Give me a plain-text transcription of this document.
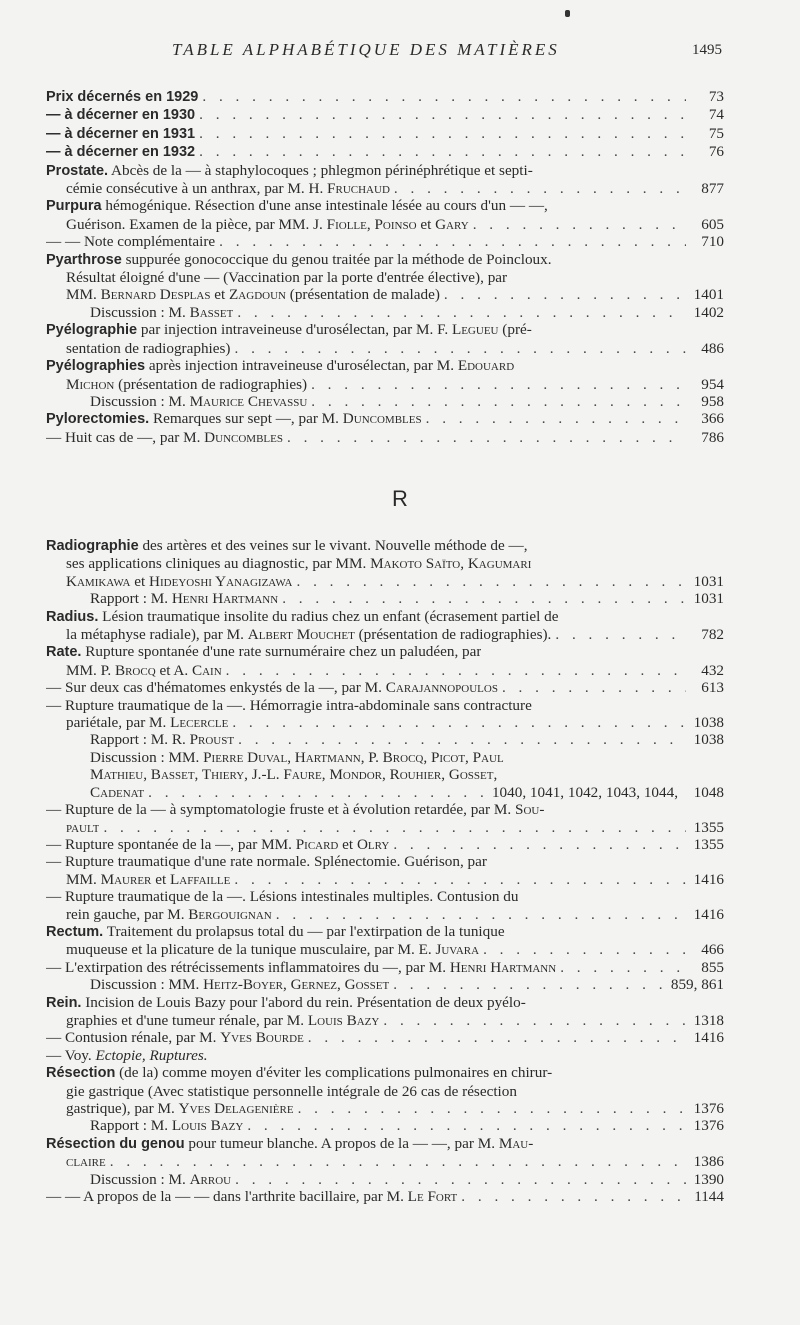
TABLE ALPHABÉTIQUE DES MATIÈRES	1495
Prix décernés en 1929 . . .	73
— à décerner en 1930 . . .	74
— à décerner en 1931 . . .	75
— à décerner en 1932 . . .	76
Prostate. Abcès de la — à staphylocoques ; phlegmon périnéphrétique et septi-
cémie consécutive à un anthrax, par M. H. Fruchaud . . .	877
Purpura hémogénique. Résection d'une anse intestinale lésée au cours d'un — —,
Guérison. Examen de la pièce, par MM. J. Fiolle, Poinso et Gary . . .	605
— — Note complémentaire . . .	710
Pyarthrose suppurée gonococcique du genou traitée par la méthode de Poincloux.
Résultat éloigné d'une — (Vaccination par la porte d'entrée élective), par
MM. Bernard Desplas et Zagdoun (présentation de malade) . . .	1401
Discussion : M. Basset . . .	1402
Pyélographie par injection intraveineuse d'urosélectan, par M. F. Legueu (pré-
sentation de radiographies) . . .	486
Pyélographies après injection intraveineuse d'urosélectan, par M. Edouard
Michon (présentation de radiographies) . . .	954
Discussion : M. Maurice Chevassu . . .	958
Pylorectomies. Remarques sur sept —, par M. Duncombles . . .	366
— Huit cas de —, par M. Duncombles . . .	786
R
Radiographie des artères et des veines sur le vivant. Nouvelle méthode de —,
ses applications cliniques au diagnostic, par MM. Makoto Saïto, Kagumari
Kamikawa et Hideyoshi Yanagizawa . . .	1031
Rapport : M. Henri Hartmann . . .	1031
Radius. Lésion traumatique insolite du radius chez un enfant (écrasement partiel de
la métaphyse radiale), par M. Albert Mouchet (présentation de radiographies). . . .	782
Rate. Rupture spontanée d'une rate surnuméraire chez un paludéen, par
MM. P. Brocq et A. Cain . . .	432
— Sur deux cas d'hématomes enkystés de la —, par M. Carajannopoulos . . .	613
— Rupture traumatique de la —. Hémorragie intra-abdominale sans contracture
pariétale, par M. Lecercle . . .	1038
Rapport : M. R. Proust . . .	1038
Discussion : MM. Pierre Duval, Hartmann, P. Brocq, Picot, Paul
Mathieu, Basset, Thiery, J.-L. Faure, Mondor, Rouhier, Gosset,
Cadenat . . .	1040, 1041, 1042, 1043, 1044, 1048
— Rupture de la — à symptomatologie fruste et à évolution retardée, par M. Sou-
pault . . .	1355
— Rupture spontanée de la —, par MM. Picard et Olry . . .	1355
— Rupture traumatique d'une rate normale. Splénectomie. Guérison, par
MM. Maurer et Laffaille . . .	1416
— Rupture traumatique de la —. Lésions intestinales multiples. Contusion du
rein gauche, par M. Bergouignan . . .	1416
Rectum. Traitement du prolapsus total du — par l'extirpation de la tunique
muqueuse et la plicature de la tunique musculaire, par M. E. Juvara . . .	466
— L'extirpation des rétrécissements inflammatoires du —, par M. Henri Hartmann . . .	855
Discussion : MM. Heitz-Boyer, Gernez, Gosset . . .	859, 861
Rein. Incision de Louis Bazy pour l'abord du rein. Présentation de deux pyélo-
graphies et d'une tumeur rénale, par M. Louis Bazy . . .	1318
— Contusion rénale, par M. Yves Bourde . . .	1416
— Voy. Ectopie, Ruptures.
Résection (de la) comme moyen d'éviter les complications pulmonaires en chirur-
gie gastrique (Avec statistique personnelle intégrale de 26 cas de résection
gastrique), par M. Yves Delagenière . . .	1376
Rapport : M. Louis Bazy . . .	1376
Résection du genou pour tumeur blanche. A propos de la — —, par M. Mau-
claire . . .	1386
Discussion : M. Arrou . . .	1390
— — A propos de la — — dans l'arthrite bacillaire, par M. Le Fort . . .	1144
